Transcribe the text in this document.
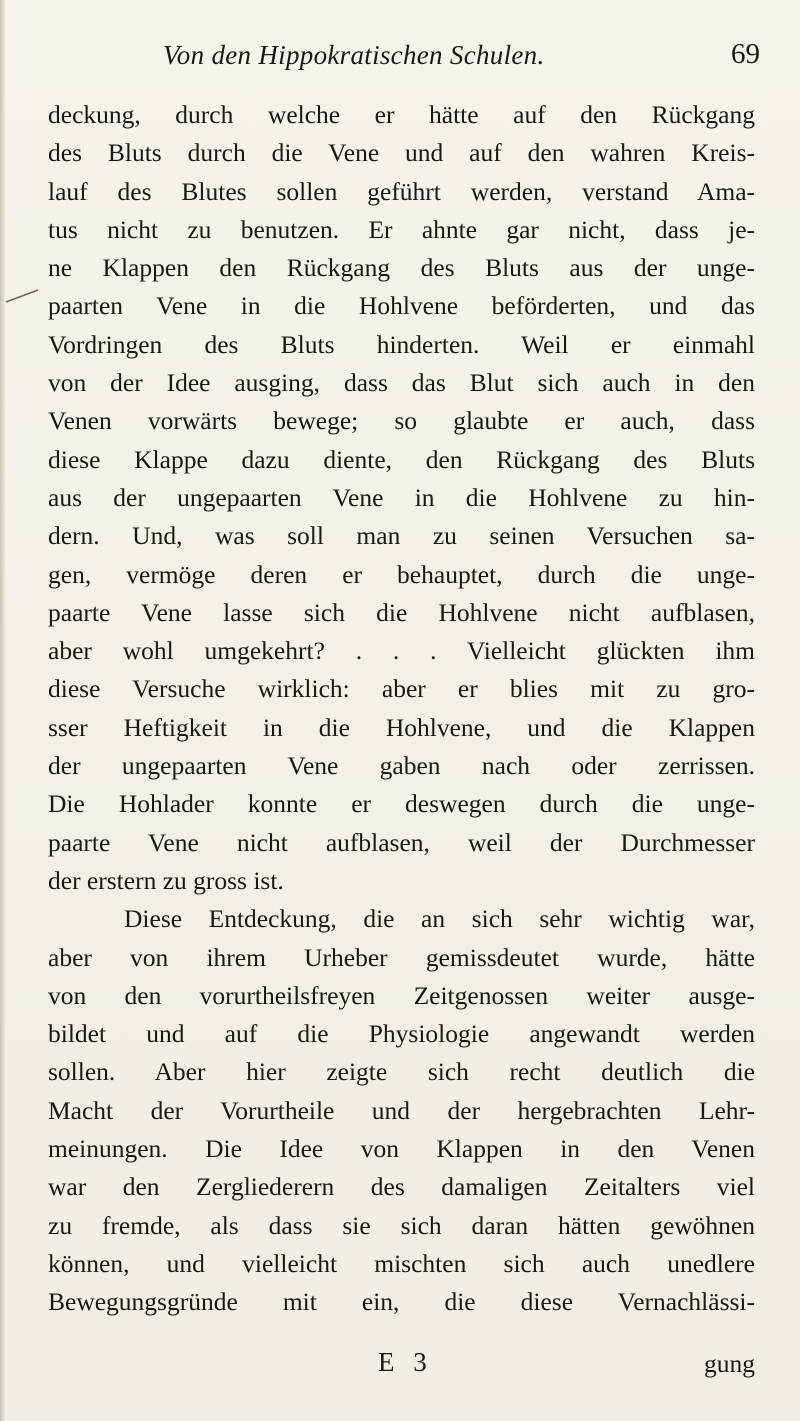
Von den Hippokratischen Schulen.	69
deckung, durch welche er hätte auf den Rückgang
des Bluts durch die Vene und auf den wahren Kreis-
lauf des Blutes sollen geführt werden, verstand Ama-
tus nicht zu benutzen. Er ahnte gar nicht, dass je-
ne Klappen den Rückgang des Bluts aus der unge-
paarten Vene in die Hohlvene beförderten, und das
Vordringen des Bluts hinderten. Weil er einmahl
von der Idee ausging, dass das Blut sich auch in den
Venen vorwärts bewege; so glaubte er auch, dass
diese Klappe dazu diente, den Rückgang des Bluts
aus der ungepaarten Vene in die Hohlvene zu hin-
dern. Und, was soll man zu seinen Versuchen sa-
gen, vermöge deren er behauptet, durch die unge-
paarte Vene lasse sich die Hohlvene nicht aufblasen,
aber wohl umgekehrt? . . . Vielleicht glückten ihm
diese Versuche wirklich: aber er blies mit zu gro-
sser Heftigkeit in die Hohlvene, und die Klappen
der ungepaarten Vene gaben nach oder zerrissen.
Die Hohlader konnte er deswegen durch die unge-
paarte Vene nicht aufblasen, weil der Durchmesser
der erstern zu gross ist.
Diese Entdeckung, die an sich sehr wichtig war,
aber von ihrem Urheber gemissdeutet wurde, hätte
von den vorurtheilsfreyen Zeitgenossen weiter ausge-
bildet und auf die Physiologie angewandt werden
sollen. Aber hier zeigte sich recht deutlich die
Macht der Vorurtheile und der hergebrachten Lehr-
meinungen. Die Idee von Klappen in den Venen
war den Zergliederern des damaligen Zeitalters viel
zu fremde, als dass sie sich daran hätten gewöhnen
können, und vielleicht mischten sich auch unedlere
Bewegungsgründe mit ein, die diese Vernachlässi-
E 3	gung
